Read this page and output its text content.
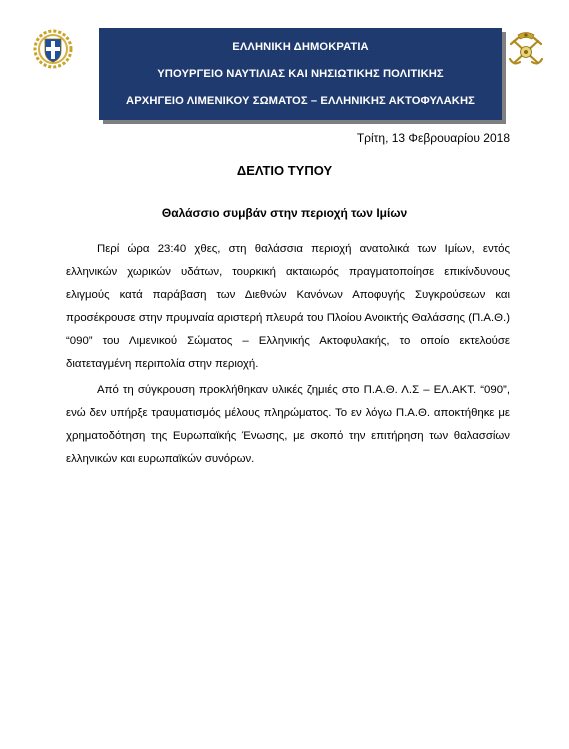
ΕΛΛΗΝΙΚΗ ΔΗΜΟΚΡΑΤΙΑ
ΥΠΟΥΡΓΕΙΟ ΝΑΥΤΙΛΙΑΣ ΚΑΙ ΝΗΣΙΩΤΙΚΗΣ ΠΟΛΙΤΙΚΗΣ
ΑΡΧΗΓΕΙΟ ΛΙΜΕΝΙΚΟΥ ΣΩΜΑΤΟΣ – ΕΛΛΗΝΙΚΗΣ ΑΚΤΟΦΥΛΑΚΗΣ
Τρίτη, 13 Φεβρουαρίου 2018
ΔΕΛΤΙΟ ΤΥΠΟΥ
Θαλάσσιο συμβάν στην περιοχή των Ιμίων
Περί ώρα 23:40 χθες, στη θαλάσσια περιοχή ανατολικά των Ιμίων, εντός ελληνικών χωρικών υδάτων, τουρκική ακταιωρός πραγματοποίησε επικίνδυνους ελιγμούς κατά παράβαση των Διεθνών Κανόνων Αποφυγής Συγκρούσεων και προσέκρουσε στην πρυμναία αριστερή πλευρά του Πλοίου Ανοικτής Θαλάσσης (Π.Α.Θ.) “090” του Λιμενικού Σώματος – Ελληνικής Ακτοφυλακής, το οποίο εκτελούσε διατεταγμένη περιπολία στην περιοχή.
Από τη σύγκρουση προκλήθηκαν υλικές ζημιές στο Π.Α.Θ. Λ.Σ – ΕΛ.ΑΚΤ. “090”, ενώ δεν υπήρξε τραυματισμός μέλους πληρώματος. Το εν λόγω Π.Α.Θ. αποκτήθηκε με χρηματοδότηση της Ευρωπαϊκής Ένωσης, με σκοπό την επιτήρηση των θαλασσίων ελληνικών και ευρωπαϊκών συνόρων.
